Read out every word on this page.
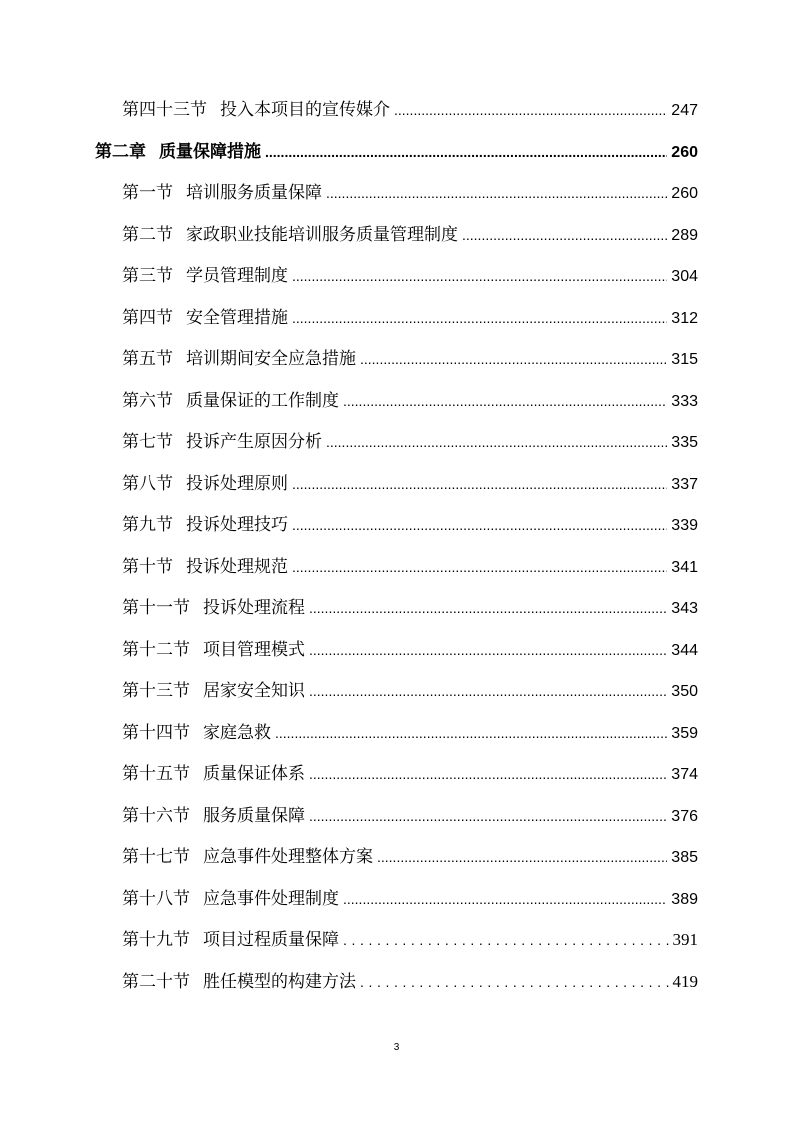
第四十三节 投入本项目的宣传媒介 .....	247
第二章 质量保障措施 .....	260
第一节 培训服务质量保障 .....	260
第二节 家政职业技能培训服务质量管理制度 .....	289
第三节 学员管理制度 .....	304
第四节 安全管理措施 .....	312
第五节 培训期间安全应急措施 .....	315
第六节 质量保证的工作制度 .....	333
第七节 投诉产生原因分析 .....	335
第八节 投诉处理原则 .....	337
第九节 投诉处理技巧 .....	339
第十节 投诉处理规范 .....	341
第十一节 投诉处理流程 .....	343
第十二节 项目管理模式 .....	344
第十三节 居家安全知识 .....	350
第十四节 家庭急救 .....	359
第十五节 质量保证体系 .....	374
第十六节 服务质量保障 .....	376
第十七节 应急事件处理整体方案 .....	385
第十八节 应急事件处理制度 .....	389
第十九节 项目过程质量保障 .....	391
第二十节 胜任模型的构建方法 .....	419
3
